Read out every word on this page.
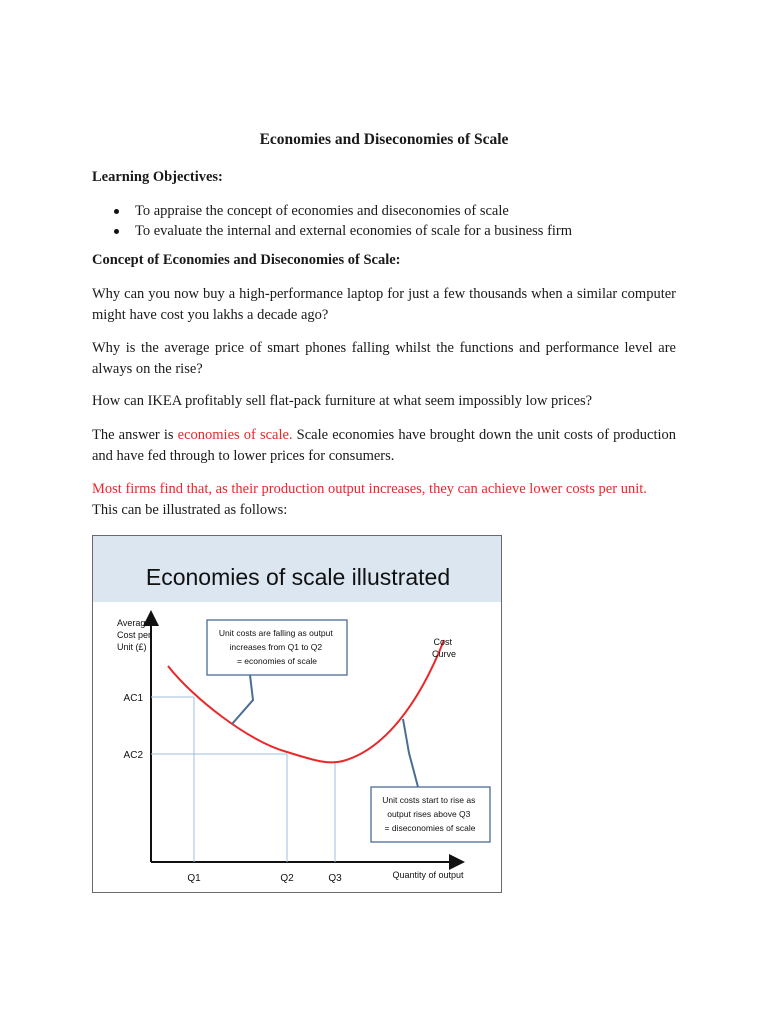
Economies and Diseconomies of Scale
Learning Objectives:
To appraise the concept of economies and diseconomies of scale
To evaluate the internal and external economies of scale for a business firm
Concept of Economies and Diseconomies of Scale:

Why can you now buy a high-performance laptop for just a few thousands when a similar computer might have cost you lakhs a decade ago?

Why is the average price of smart phones falling whilst the functions and performance level are always on the rise?

How can IKEA profitably sell flat-pack furniture at what seem impossibly low prices?

The answer is economies of scale. Scale economies have brought down the unit costs of production and have fed through to lower prices for consumers.

Most firms find that, as their production output increases, they can achieve lower costs per unit.
This can be illustrated as follows:

Economies of scale illustrated
Average Cost per Unit (£)
AC1
AC2
Q1	Q2	Q3	Quantity of output
Cost Curve
Unit costs are falling as output increases from Q1 to Q2 = economies of scale
Unit costs start to rise as output rises above Q3 = diseconomies of scale
